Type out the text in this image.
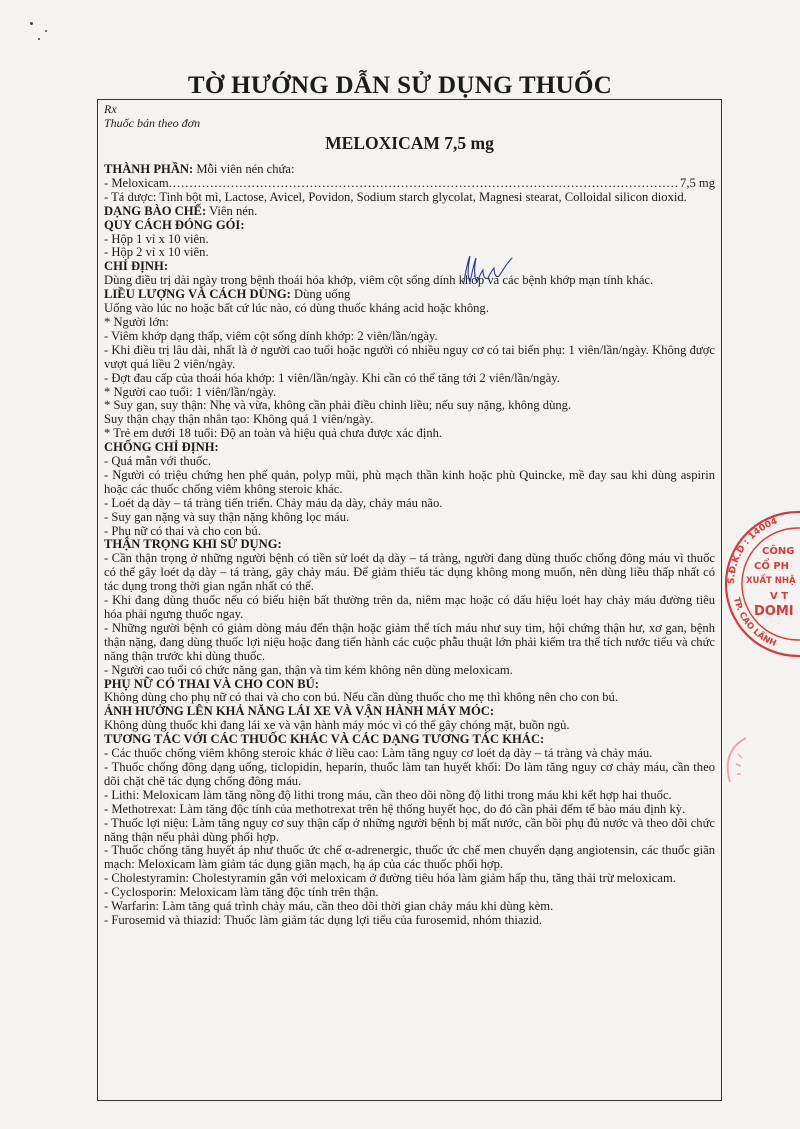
TỜ HƯỚNG DẪN SỬ DỤNG THUỐC

Rx

Thuốc bán theo đơn

MELOXICAM 7,5 mg

THÀNH PHẦN: Mỗi viên nén chứa:

- Meloxicam
.....	7,5 mg

- Tá dược: Tinh bột mì, Lactose, Avicel, Povidon, Sodium starch glycolat, Magnesi stearat, Colloidal silicon dioxid.

DẠNG BÀO CHẾ: Viên nén.

QUY CÁCH ĐÓNG GÓI:

- Hộp 1 vỉ x 10 viên.

- Hộp 2 vỉ x 10 viên.

CHỈ ĐỊNH:

Dùng điều trị dài ngày trong bệnh thoái hóa khớp, viêm cột sống dính khớp và các bệnh khớp mạn tính khác.

LIỀU LƯỢNG VÀ CÁCH DÙNG: Dùng uống

Uống vào lúc no hoặc bất cứ lúc nào, có dùng thuốc kháng acid hoặc không.

* Người lớn:

- Viêm khớp dạng thấp, viêm cột sống dính khớp: 2 viên/lần/ngày.

- Khi điều trị lâu dài, nhất là ở người cao tuổi hoặc người có nhiều nguy cơ có tai biến phụ: 1 viên/lần/ngày. Không được vượt quá liều 2 viên/ngày.

- Đợt đau cấp của thoái hóa khớp: 1 viên/lần/ngày. Khi cần có thể tăng tới 2 viên/lần/ngày.

* Người cao tuổi: 1 viên/lần/ngày.

* Suy gan, suy thận: Nhẹ và vừa, không cần phải điều chỉnh liều; nếu suy nặng, không dùng.

Suy thận chạy thận nhân tạo: Không quá 1 viên/ngày.

* Trẻ em dưới 18 tuổi: Độ an toàn và hiệu quả chưa được xác định.

CHỐNG CHỈ ĐỊNH:

- Quá mẫn với thuốc.

- Người có triệu chứng hen phế quản, polyp mũi, phù mạch thần kinh hoặc phù Quincke, mề đay sau khi dùng aspirin hoặc các thuốc chống viêm không steroic khác.

- Loét dạ dày – tá tràng tiến triển. Chảy máu dạ dày, chảy máu não.

- Suy gan nặng và suy thận nặng không lọc máu.

- Phụ nữ có thai và cho con bú.

THẬN TRỌNG KHI SỬ DỤNG:

- Cần thận trọng ở những người bệnh có tiền sử loét dạ dày – tá tràng, người đang dùng thuốc chống đông máu vì thuốc có thể gây loét dạ dày – tá tràng, gây chảy máu. Để giảm thiểu tác dụng không mong muốn, nên dùng liều thấp nhất có tác dụng trong thời gian ngắn nhất có thể.

- Khi đang dùng thuốc nếu có biểu hiện bất thường trên da, niêm mạc hoặc có dấu hiệu loét hay chảy máu đường tiêu hóa phải ngưng thuốc ngay.

- Những người bệnh có giảm dòng máu đến thận hoặc giảm thể tích máu như suy tim, hội chứng thận hư, xơ gan, bệnh thận nặng, đang dùng thuốc lợi niệu hoặc đang tiến hành các cuộc phẫu thuật lớn phải kiểm tra thể tích nước tiểu và chức năng thận trước khi dùng thuốc.

- Người cao tuổi có chức năng gan, thận và tim kém không nên dùng meloxicam.

PHỤ NỮ CÓ THAI VÀ CHO CON BÚ:

Không dùng cho phụ nữ có thai và cho con bú. Nếu cần dùng thuốc cho mẹ thì không nên cho con bú.

ẢNH HƯỞNG LÊN KHẢ NĂNG LÁI XE VÀ VẬN HÀNH MÁY MÓC:

Không dùng thuốc khi đang lái xe và vận hành máy móc vì có thể gây chóng mặt, buồn ngủ.

TƯƠNG TÁC VỚI CÁC THUỐC KHÁC VÀ CÁC DẠNG TƯƠNG TÁC KHÁC:

- Các thuốc chống viêm không steroic khác ở liều cao: Làm tăng nguy cơ loét dạ dày – tá tràng và chảy máu.

- Thuốc chống đông dạng uống, ticlopidin, heparin, thuốc làm tan huyết khối: Do làm tăng nguy cơ chảy máu, cần theo dõi chặt chẽ tác dụng chống đông máu.

- Lithi: Meloxicam làm tăng nồng độ lithi trong máu, cần theo dõi nồng độ lithi trong máu khi kết hợp hai thuốc.

- Methotrexat: Làm tăng độc tính của methotrexat trên hệ thống huyết học, do đó cần phải đếm tế bào máu định kỳ.

- Thuốc lợi niệu: Làm tăng nguy cơ suy thận cấp ở những người bệnh bị mất nước, cần bồi phụ đủ nước và theo dõi chức năng thận nếu phải dùng phối hợp.

- Thuốc chống tăng huyết áp như thuốc ức chế α-adrenergic, thuốc ức chế men chuyển dạng angiotensin, các thuốc giãn mạch: Meloxicam làm giảm tác dụng giãn mạch, hạ áp của các thuốc phối hợp.

- Cholestyramin: Cholestyramin gắn với meloxicam ở đường tiêu hóa làm giảm hấp thu, tăng thải trừ meloxicam.

- Cyclosporin: Meloxicam làm tăng độc tính trên thận.

- Warfarin: Làm tăng quá trình chảy máu, cần theo dõi thời gian chảy máu khi dùng kèm.

- Furosemid và thiazid: Thuốc làm giảm tác dụng lợi tiểu của furosemid, nhóm thiazid.

S.Đ.K.D : 14004
TP. CAO LÃNH
CÔNG
CỔ PH
XUẤT NHẬ
V T
DOMI
